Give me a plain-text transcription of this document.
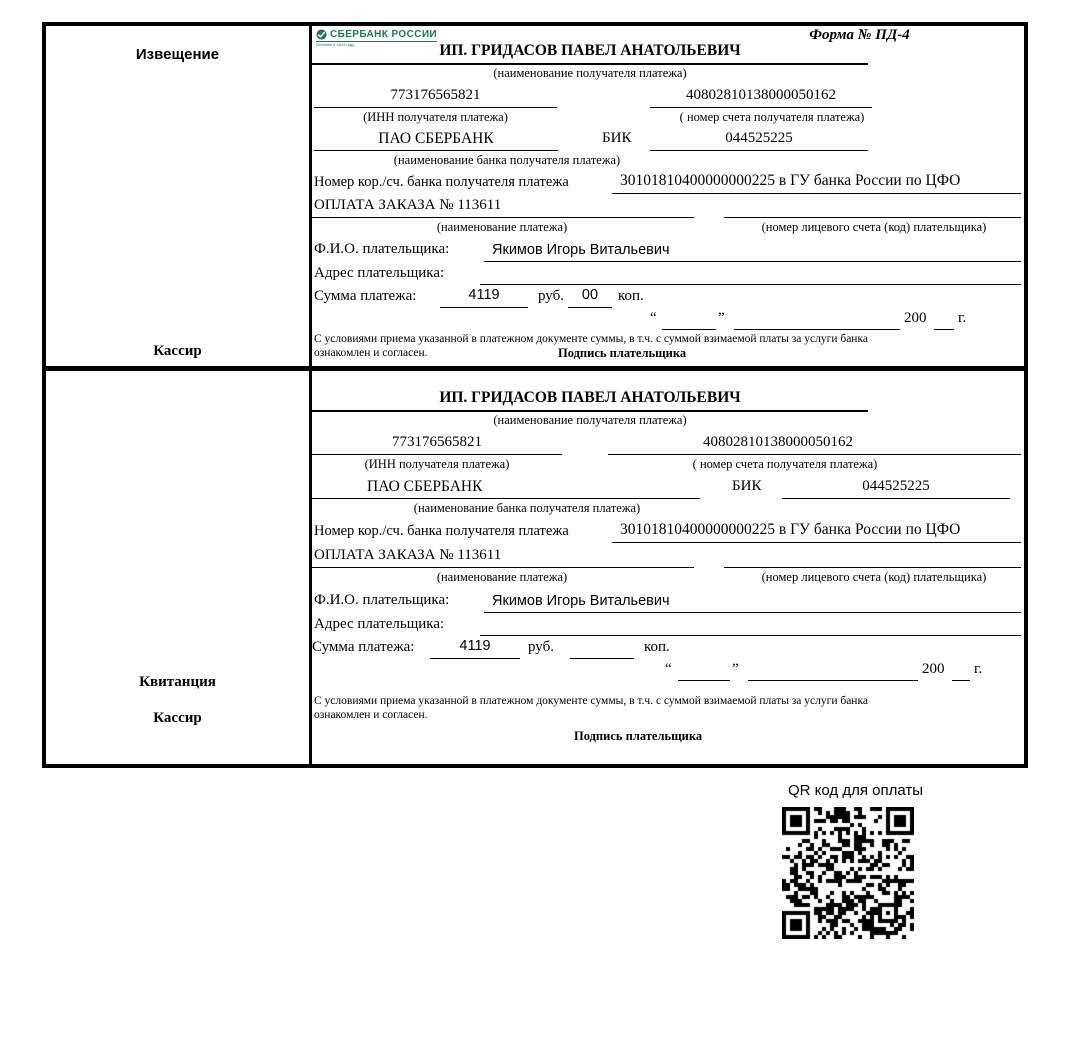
Извещение
Кассир
СБЕРБАНК РОССИИ
Основан в 1841 году
Форма № ПД-4
ИП. ГРИДАСОВ ПАВЕЛ АНАТОЛЬЕВИЧ
(наименование получателя платежа)
773176565821	40802810138000050162
(ИНН получателя платежа)	( номер счета получателя платежа)
ПАО СБЕРБАНК	БИК	044525225
(наименование банка получателя платежа)
Номер кор./сч. банка получателя платежа	30101810400000000225 в ГУ банка России по ЦФО
ОПЛАТА ЗАКАЗА № 113611
(наименование платежа)	(номер лицевого счета (код) плательщика)
Ф.И.О. плательщика:	Якимов Игорь Витальевич
Адрес плательщика:
Сумма платежа:	4119	руб.	00	коп.
“	”	200 г.
С условиями приема указанной в платежном документе суммы, в т.ч. с суммой взимаемой платы за услуги банка
ознакомлен и согласен.	Подпись плательщика
Квитанция
Кассир
ИП. ГРИДАСОВ ПАВЕЛ АНАТОЛЬЕВИЧ
(наименование получателя платежа)
773176565821	40802810138000050162
(ИНН получателя платежа)	( номер счета получателя платежа)
ПАО СБЕРБАНК	БИК	044525225
(наименование банка получателя платежа)
Номер кор./сч. банка получателя платежа	30101810400000000225 в ГУ банка России по ЦФО
ОПЛАТА ЗАКАЗА № 113611
(наименование платежа)	(номер лицевого счета (код) плательщика)
Ф.И.О. плательщика:	Якимов Игорь Витальевич
Адрес плательщика:
Сумма платежа:	4119	руб.	коп.
“	”	200 г.
С условиями приема указанной в платежном документе суммы, в т.ч. с суммой взимаемой платы за услуги банка
ознакомлен и согласен.
Подпись плательщика
QR код для оплаты
